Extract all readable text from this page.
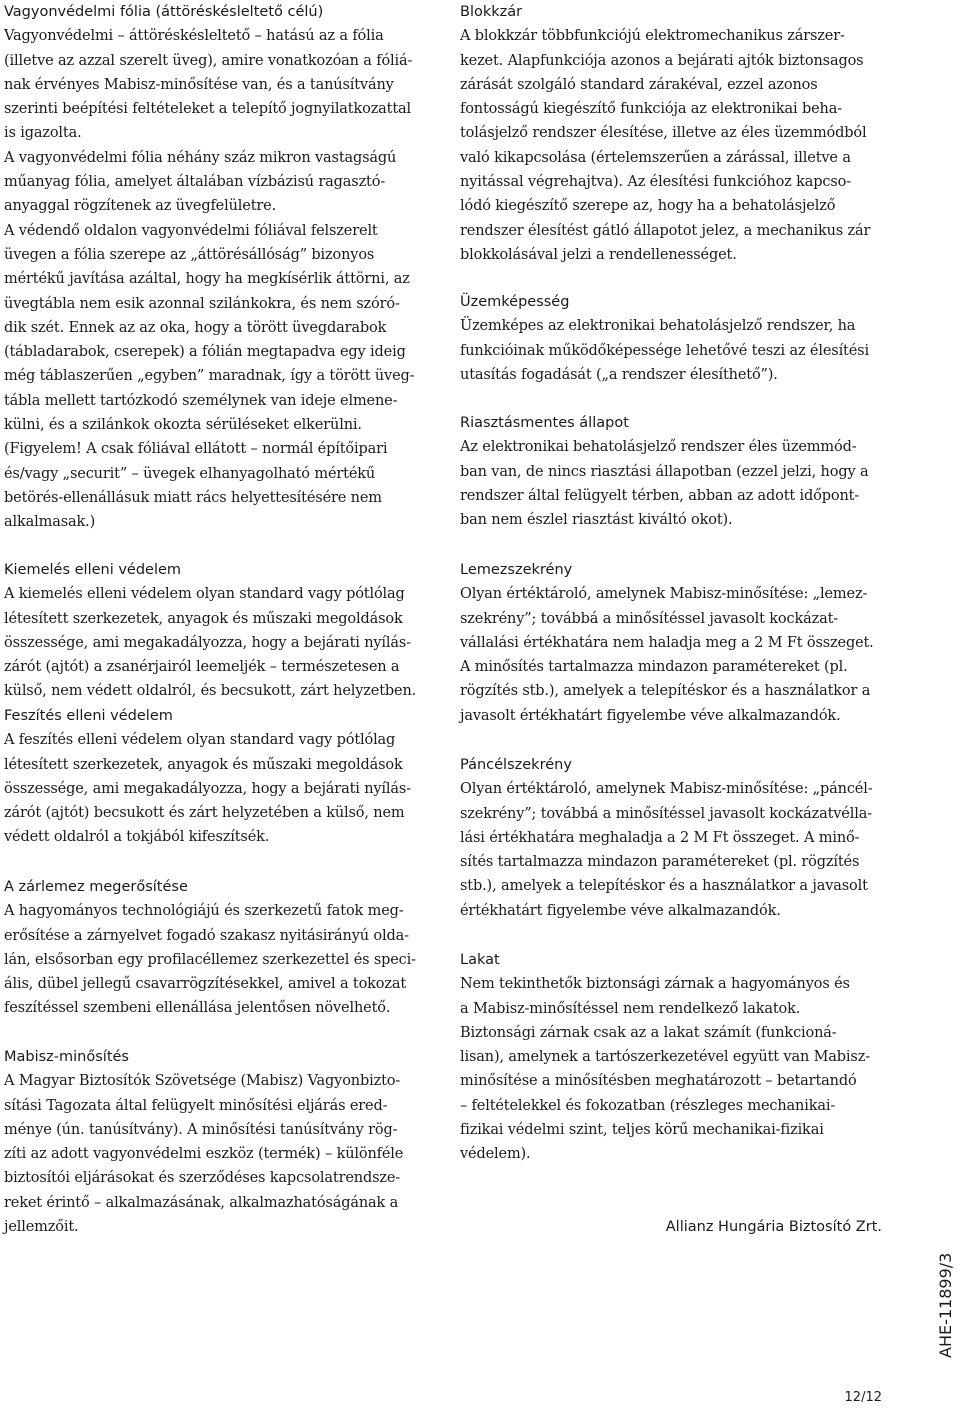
Vagyonvédelmi fólia (áttöréskésleltető célú)
Vagyonvédelmi – áttöréskésleltető – hatású az a fólia
(illetve az azzal szerelt üveg), amire vonatkozóan a fóliá-
nak érvényes Mabisz-minősítése van, és a tanúsítvány
szerinti beépítési feltételeket a telepítő jognyilatkozattal
is igazolta.
A vagyonvédelmi fólia néhány száz mikron vastagságú
műanyag fólia, amelyet általában vízbázisú ragasztó-
anyaggal rögzítenek az üvegfelületre.
A védendő oldalon vagyonvédelmi fóliával felszerelt
üvegen a fólia szerepe az „áttörésállóság” bizonyos
mértékű javítása azáltal, hogy ha megkísérlik áttörni, az
üvegtábla nem esik azonnal szilánkokra, és nem szóró-
dik szét. Ennek az az oka, hogy a törött üvegdarabok
(tábladarabok, cserepek) a fólián megtapadva egy ideig
még táblaszerűen „egyben” maradnak, így a törött üveg-
tábla mellett tartózkodó személynek van ideje elmene-
külni, és a szilánkok okozta sérüléseket elkerülni.
(Figyelem! A csak fóliával ellátott – normál építőipari
és/vagy „securit” – üvegek elhanyagolható mértékű
betörés-ellenállásuk miatt rács helyettesítésére nem
alkalmasak.)
Kiemelés elleni védelem
A kiemelés elleni védelem olyan standard vagy pótlólag
létesített szerkezetek, anyagok és műszaki megoldások
összessége, ami megakadályozza, hogy a bejárati nyílás-
zárót (ajtót) a zsanérjairól leemeljék – természetesen a
külső, nem védett oldalról, és becsukott, zárt helyzetben.
Feszítés elleni védelem
A feszítés elleni védelem olyan standard vagy pótlólag
létesített szerkezetek, anyagok és műszaki megoldások
összessége, ami megakadályozza, hogy a bejárati nyílás-
zárót (ajtót) becsukott és zárt helyzetében a külső, nem
védett oldalról a tokjából kifeszítsék.
A zárlemez megerősítése
A hagyományos technológiájú és szerkezetű fatok meg-
erősítése a zárnyelvet fogadó szakasz nyitásirányú olda-
lán, elsősorban egy profilacéllemez szerkezettel és speci-
ális, dübel jellegű csavarrögzítésekkel, amivel a tokozat
feszítéssel szembeni ellenállása jelentősen növelhető.
Mabisz-minősítés
A Magyar Biztosítók Szövetsége (Mabisz) Vagyonbizto-
sítási Tagozata által felügyelt minősítési eljárás ered-
ménye (ún. tanúsítvány). A minősítési tanúsítvány rög-
zíti az adott vagyonvédelmi eszköz (termék) – különféle
biztosítói eljárásokat és szerződéses kapcsolatrendsze-
reket érintő – alkalmazásának, alkalmazhatóságának a
jellemzőit.
Blokkzár
A blokkzár többfunkciójú elektromechanikus zárszer-
kezet. Alapfunkciója azonos a bejárati ajtók biztonsagos
zárását szolgáló standard zárakéval, ezzel azonos
fontosságú kiegészítő funkciója az elektronikai beha-
tolásjelző rendszer élesítése, illetve az éles üzemmódból
való kikapcsolása (értelemszerűen a zárással, illetve a
nyitással végrehajtva). Az élesítési funkcióhoz kapcso-
lódó kiegészítő szerepe az, hogy ha a behatolásjelző
rendszer élesítést gátló állapotot jelez, a mechanikus zár
blokkolásával jelzi a rendellenességet.
Üzemképesség
Üzemképes az elektronikai behatolásjelző rendszer, ha
funkcióinak működőképessége lehetővé teszi az élesítési
utasítás fogadását („a rendszer élesíthető”).
Riasztásmentes állapot
Az elektronikai behatolásjelző rendszer éles üzemmód-
ban van, de nincs riasztási állapotban (ezzel jelzi, hogy a
rendszer által felügyelt térben, abban az adott időpont-
ban nem észlel riasztást kiváltó okot).
Lemezszekrény
Olyan értéktároló, amelynek Mabisz-minősítése: „lemez-
szekrény”; továbbá a minősítéssel javasolt kockázat-
vállalási értékhatára nem haladja meg a 2 M Ft összeget.
A minősítés tartalmazza mindazon paramétereket (pl.
rögzítés stb.), amelyek a telepítéskor és a használatkor a
javasolt értékhatárt figyelembe véve alkalmazandók.
Páncélszekrény
Olyan értéktároló, amelynek Mabisz-minősítése: „páncél-
szekrény”; továbbá a minősítéssel javasolt kockázatvélla-
lási értékhatára meghaladja a 2 M Ft összeget. A minő-
sítés tartalmazza mindazon paramétereket (pl. rögzítés
stb.), amelyek a telepítéskor és a használatkor a javasolt
értékhatárt figyelembe véve alkalmazandók.
Lakat
Nem tekinthetők biztonsági zárnak a hagyományos és
a Mabisz-minősítéssel nem rendelkező lakatok.
Biztonsági zárnak csak az a lakat számít (funkcioná-
lisan), amelynek a tartószerkezetével együtt van Mabisz-
minősítése a minősítésben meghatározott – betartandó
– feltételekkel és fokozatban (részleges mechanikai-
fizikai védelmi szint, teljes körű mechanikai-fizikai
védelem).
Allianz Hungária Biztosító Zrt.
AHE-11899/3
12/12
